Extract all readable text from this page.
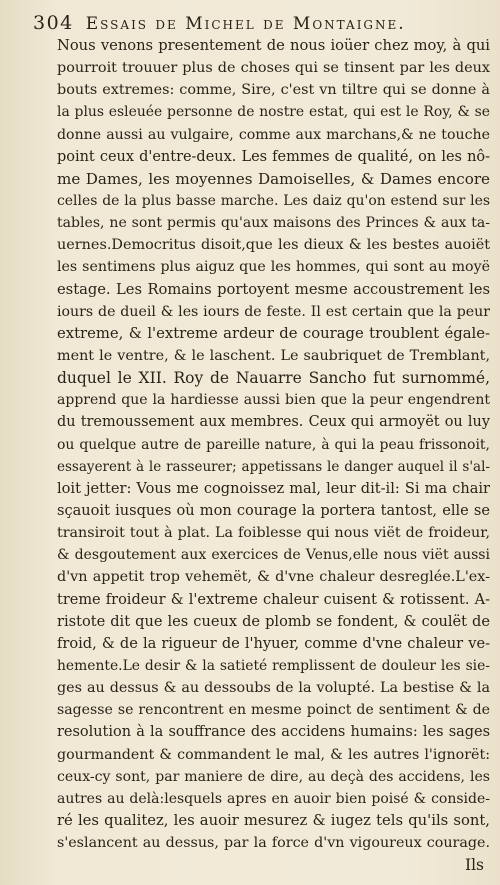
304 Essais de Michel de Montaigne.
Nous venons presentement de nous ioüer chez moy, à qui
pourroit trouuer plus de choses qui se tinsent par les deux
bouts extremes: comme, Sire, c'est vn tiltre qui se donne à
la plus esleuée personne de nostre estat, qui est le Roy, & se
donne aussi au vulgaire, comme aux marchans,& ne touche
point ceux d'entre-deux. Les femmes de qualité, on les nô-
me Dames, les moyennes Damoiselles, & Dames encore
celles de la plus basse marche. Les daiz qu'on estend sur les
tables, ne sont permis qu'aux maisons des Princes & aux ta-
uernes.Democritus disoit,que les dieux & les bestes auoiët
les sentimens plus aiguz que les hommes, qui sont au moyë
estage. Les Romains portoyent mesme accoustrement les
iours de dueil & les iours de feste. Il est certain que la peur
extreme, & l'extreme ardeur de courage troublent égale-
ment le ventre, & le laschent. Le saubriquet de Tremblant,
duquel le XII. Roy de Nauarre Sancho fut surnommé,
apprend que la hardiesse aussi bien que la peur engendrent
du tremoussement aux membres. Ceux qui armoyët ou luy
ou quelque autre de pareille nature, à qui la peau frissonoit,
essayerent à le rasseurer; appetissans le danger auquel il s'al-
loit jetter: Vous me cognoissez mal, leur dit-il: Si ma chair
sçauoit iusques où mon courage la portera tantost, elle se
transiroit tout à plat. La foiblesse qui nous viët de froideur,
& desgoutement aux exercices de Venus,elle nous viët aussi
d'vn appetit trop vehemët, & d'vne chaleur desreglée.L'ex-
treme froideur & l'extreme chaleur cuisent & rotissent. A-
ristote dit que les cueux de plomb se fondent, & coulët de
froid, & de la rigueur de l'hyuer, comme d'vne chaleur ve-
hemente.Le desir & la satieté remplissent de douleur les sie-
ges au dessus & au dessoubs de la volupté. La bestise & la
sagesse se rencontrent en mesme poinct de sentiment & de
resolution à la souffrance des accidens humains: les sages
gourmandent & commandent le mal, & les autres l'ignorët:
ceux-cy sont, par maniere de dire, au deçà des accidens, les
autres au delà:lesquels apres en auoir bien poisé & conside-
ré les qualitez, les auoir mesurez & iugez tels qu'ils sont,
s'eslancent au dessus, par la force d'vn vigoureux courage.
Ils
